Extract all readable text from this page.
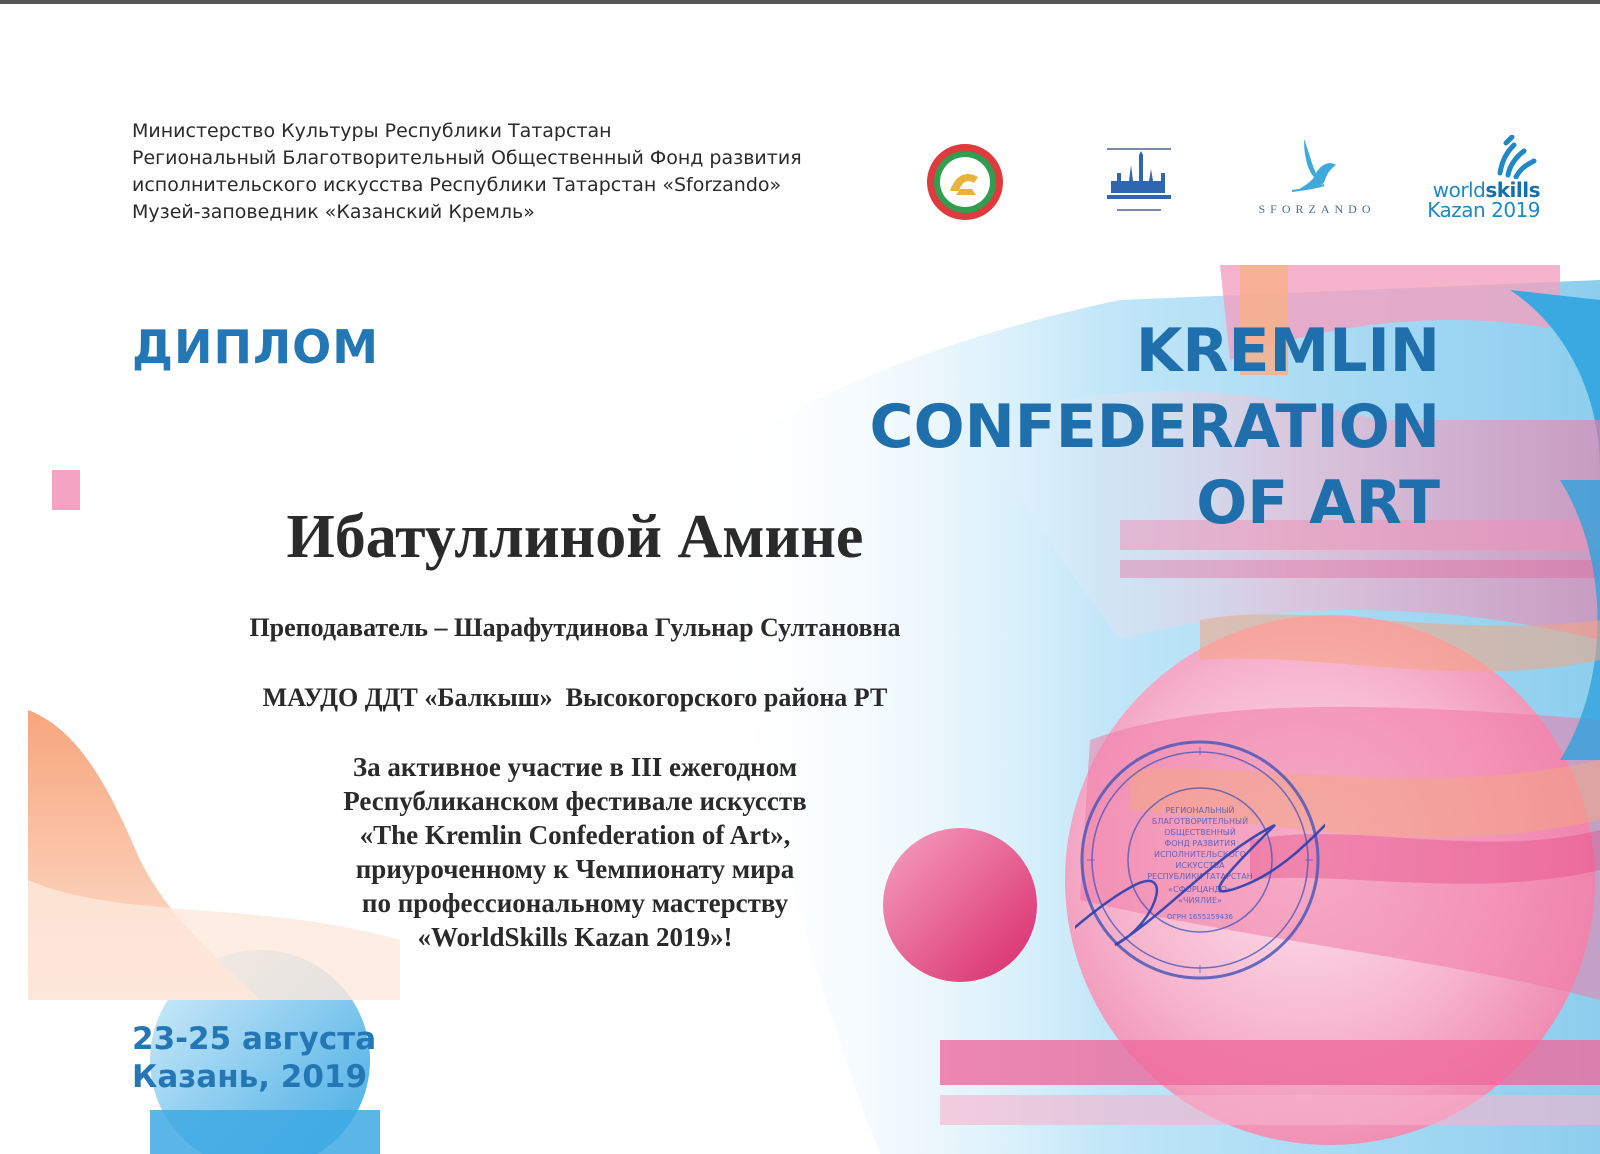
Министерство Культуры Республики Татарстан
Региональный Благотворительный Общественный Фонд развития
исполнительского искусства Республики Татарстан «Sforzando»
Музей-заповедник «Казанский Кремль»	SFORZANDO
worldskills
Kazan 2019
ДИПЛОМ	KREMLIN
CONFEDERATION
OF ART
Ибатуллиной Амине
Преподаватель – Шарафутдинова Гульнар Султановна
МАУДО ДДТ «Балкыш»  Высокогорского района РТ
За активное участие в III ежегодном
Республиканском фестивале искусств
«The Kremlin Confederation of Art»,
приуроченному к Чемпионату мира
по профессиональному мастерству
«WorldSkills Kazan 2019»!
23-25 августа
Казань, 2019
РЕГИОНАЛЬНЫЙ
БЛАГОТВОРИТЕЛЬНЫЙ
ОБЩЕСТВЕННЫЙ
ФОНД РАЗВИТИЯ
ИСПОЛНИТЕЛЬСКОГО
ИСКУССТВА
РЕСПУБЛИКИ ТАТАРСТАН
«СФОРЦАНДО»
«ЧИЯЛИЕ»
ОГРН 1655259436
